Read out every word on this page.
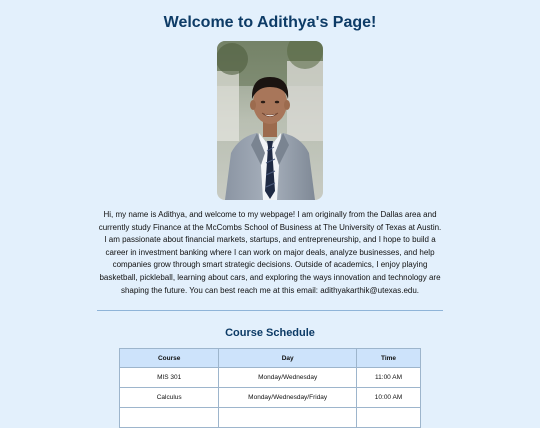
Welcome to Adithya's Page!

Hi, my name is Adithya, and welcome to my webpage! I am originally from the Dallas area and currently study Finance at the McCombs School of Business at The University of Texas at Austin. I am passionate about financial markets, startups, and entrepreneurship, and I hope to build a career in investment banking where I can work on major deals, analyze businesses, and help companies grow through smart strategic decisions. Outside of academics, I enjoy playing basketball, pickleball, learning about cars, and exploring the ways innovation and technology are shaping the future. You can best reach me at this email: adithyakarthik@utexas.edu.

Course Schedule
Course	Day	Time
MIS 301	Monday/Wednesday	11:00 AM
Calculus	Monday/Wednesday/Friday	10:00 AM
